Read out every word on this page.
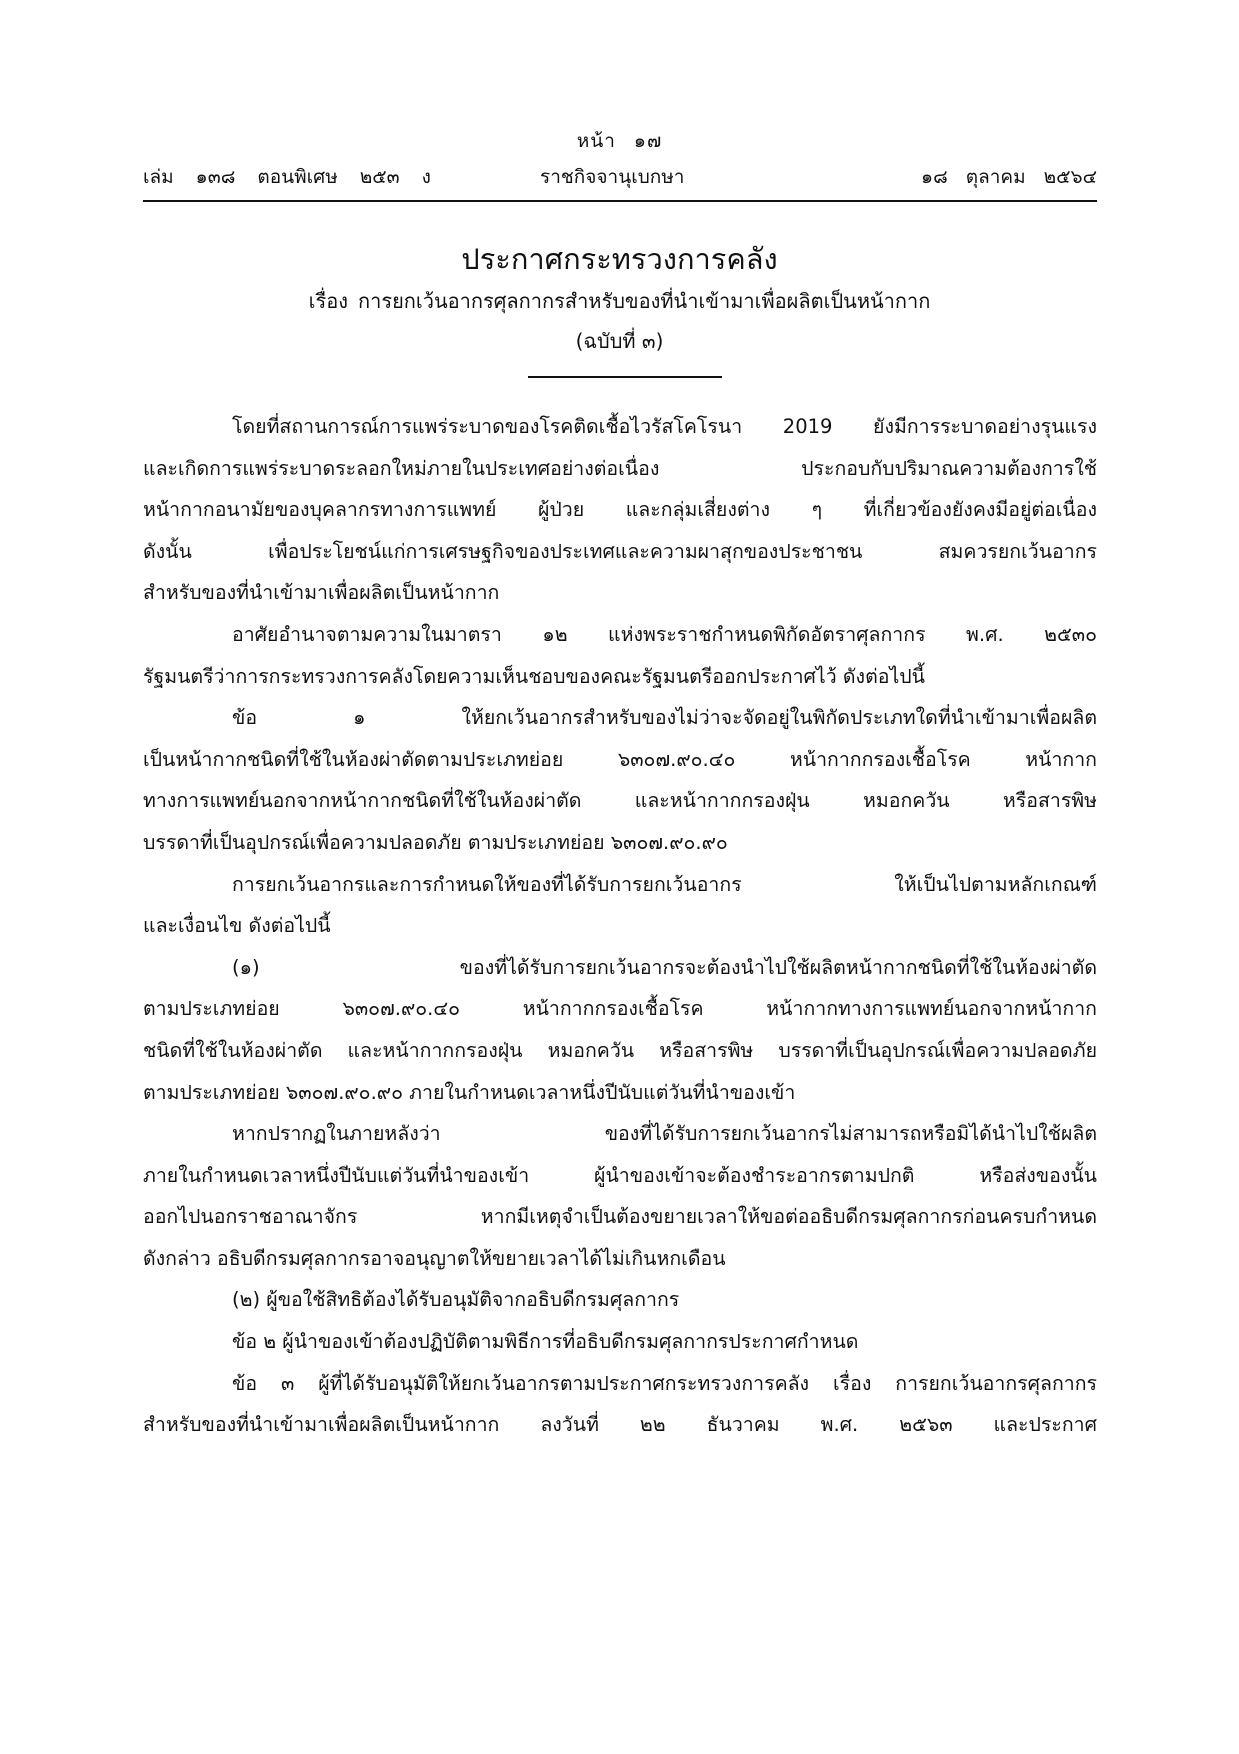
หน้า ๑๗
เล่ม ๑๓๘ ตอนพิเศษ ๒๕๓ ง	ราชกิจจานุเบกษา	๑๘ ตุลาคม ๒๕๖๔
ประกาศกระทรวงการคลัง
เรื่อง การยกเว้นอากรศุลกากรสำหรับของที่นำเข้ามาเพื่อผลิตเป็นหน้ากาก
(ฉบับที่ ๓)
โดยที่สถานการณ์การแพร่ระบาดของโรคติดเชื้อไวรัสโคโรนา 2019 ยังมีการระบาดอย่างรุนแรง
และเกิดการแพร่ระบาดระลอกใหม่ภายในประเทศอย่างต่อเนื่อง ประกอบกับปริมาณความต้องการใช้
หน้ากากอนามัยของบุคลากรทางการแพทย์ ผู้ป่วย และกลุ่มเสี่ยงต่าง ๆ ที่เกี่ยวข้องยังคงมีอยู่ต่อเนื่อง
ดังนั้น เพื่อประโยชน์แก่การเศรษฐกิจของประเทศและความผาสุกของประชาชน สมควรยกเว้นอากร
สำหรับของที่นำเข้ามาเพื่อผลิตเป็นหน้ากาก
อาศัยอำนาจตามความในมาตรา ๑๒ แห่งพระราชกำหนดพิกัดอัตราศุลกากร พ.ศ. ๒๕๓๐
รัฐมนตรีว่าการกระทรวงการคลังโดยความเห็นชอบของคณะรัฐมนตรีออกประกาศไว้ ดังต่อไปนี้
ข้อ ๑ ให้ยกเว้นอากรสำหรับของไม่ว่าจะจัดอยู่ในพิกัดประเภทใดที่นำเข้ามาเพื่อผลิต
เป็นหน้ากากชนิดที่ใช้ในห้องผ่าตัดตามประเภทย่อย ๖๓๐๗.๙๐.๔๐ หน้ากากกรองเชื้อโรค หน้ากาก
ทางการแพทย์นอกจากหน้ากากชนิดที่ใช้ในห้องผ่าตัด และหน้ากากกรองฝุ่น หมอกควัน หรือสารพิษ
บรรดาที่เป็นอุปกรณ์เพื่อความปลอดภัย ตามประเภทย่อย ๖๓๐๗.๙๐.๙๐
การยกเว้นอากรและการกำหนดให้ของที่ได้รับการยกเว้นอากร ให้เป็นไปตามหลักเกณฑ์
และเงื่อนไข ดังต่อไปนี้
(๑) ของที่ได้รับการยกเว้นอากรจะต้องนำไปใช้ผลิตหน้ากากชนิดที่ใช้ในห้องผ่าตัด
ตามประเภทย่อย ๖๓๐๗.๙๐.๔๐ หน้ากากกรองเชื้อโรค หน้ากากทางการแพทย์นอกจากหน้ากาก
ชนิดที่ใช้ในห้องผ่าตัด และหน้ากากกรองฝุ่น หมอกควัน หรือสารพิษ บรรดาที่เป็นอุปกรณ์เพื่อความปลอดภัย
ตามประเภทย่อย ๖๓๐๗.๙๐.๙๐ ภายในกำหนดเวลาหนึ่งปีนับแต่วันที่นำของเข้า
หากปรากฏในภายหลังว่า ของที่ได้รับการยกเว้นอากรไม่สามารถหรือมิได้นำไปใช้ผลิต
ภายในกำหนดเวลาหนึ่งปีนับแต่วันที่นำของเข้า ผู้นำของเข้าจะต้องชำระอากรตามปกติ หรือส่งของนั้น
ออกไปนอกราชอาณาจักร หากมีเหตุจำเป็นต้องขยายเวลาให้ขอต่ออธิบดีกรมศุลกากรก่อนครบกำหนด
ดังกล่าว อธิบดีกรมศุลกากรอาจอนุญาตให้ขยายเวลาได้ไม่เกินหกเดือน
(๒) ผู้ขอใช้สิทธิต้องได้รับอนุมัติจากอธิบดีกรมศุลกากร
ข้อ ๒ ผู้นำของเข้าต้องปฏิบัติตามพิธีการที่อธิบดีกรมศุลกากรประกาศกำหนด
ข้อ ๓ ผู้ที่ได้รับอนุมัติให้ยกเว้นอากรตามประกาศกระทรวงการคลัง เรื่อง การยกเว้นอากรศุลกากร
สำหรับของที่นำเข้ามาเพื่อผลิตเป็นหน้ากาก ลงวันที่ ๒๒ ธันวาคม พ.ศ. ๒๕๖๓ และประกาศ
